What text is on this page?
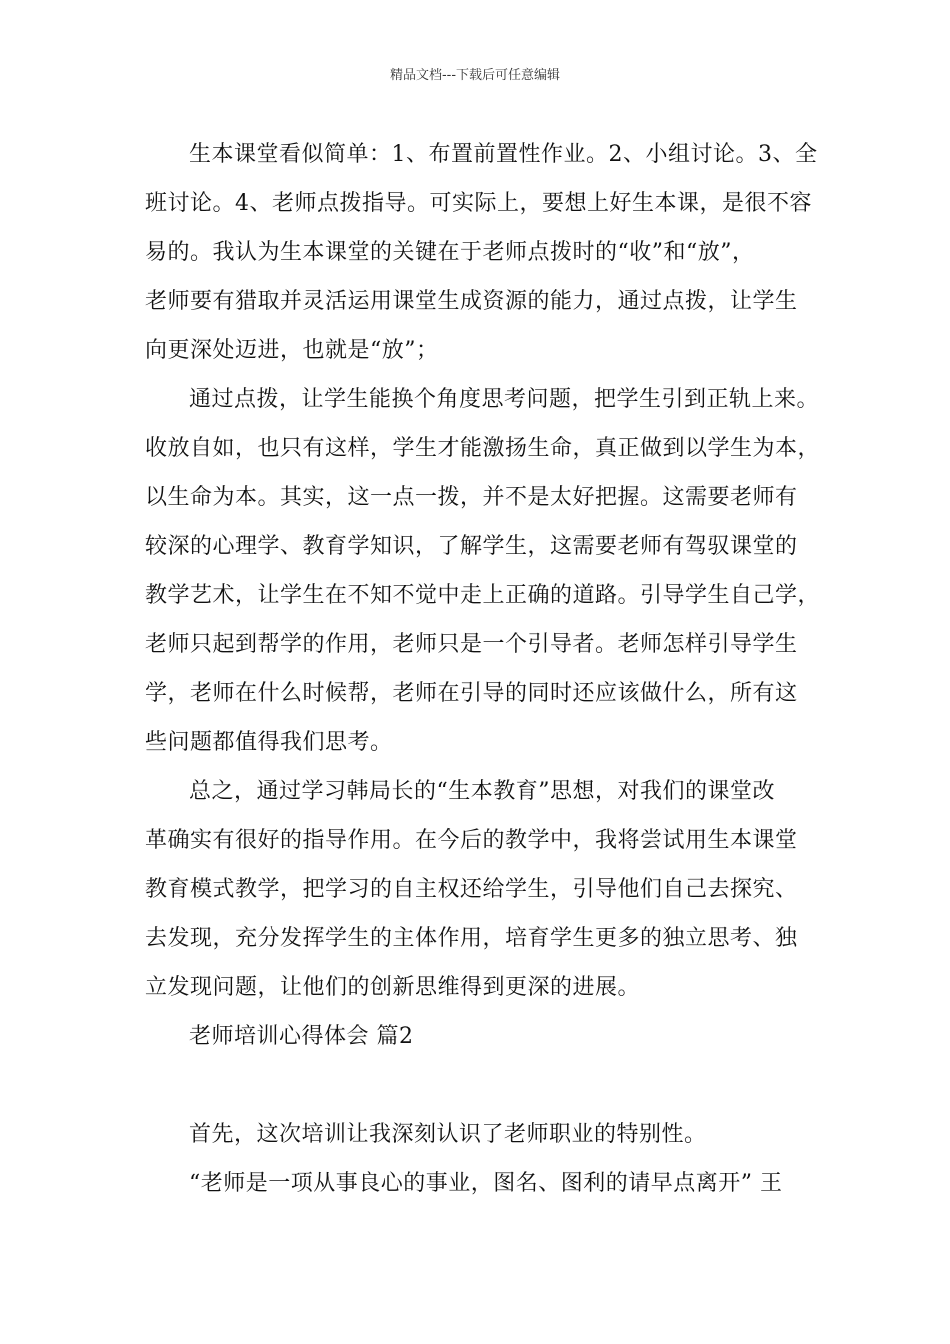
精品文档---下载后可任意编辑
生本课堂看似简单：1、布置前置性作业。2、小组讨论。3、全
班讨论。4、老师点拨指导。可实际上，要想上好生本课，是很不容
易的。我认为生本课堂的关键在于老师点拨时的“收”和“放”，
老师要有猎取并灵活运用课堂生成资源的能力，通过点拨，让学生
向更深处迈进，也就是“放”；
通过点拨，让学生能换个角度思考问题，把学生引到正轨上来。
收放自如，也只有这样，学生才能激扬生命，真正做到以学生为本，
以生命为本。其实，这一点一拨，并不是太好把握。这需要老师有
较深的心理学、教育学知识，了解学生，这需要老师有驾驭课堂的
教学艺术，让学生在不知不觉中走上正确的道路。引导学生自己学，
老师只起到帮学的作用，老师只是一个引导者。老师怎样引导学生
学，老师在什么时候帮，老师在引导的同时还应该做什么，所有这
些问题都值得我们思考。
总之，通过学习韩局长的“生本教育”思想，对我们的课堂改
革确实有很好的指导作用。在今后的教学中，我将尝试用生本课堂
教育模式教学，把学习的自主权还给学生，引导他们自己去探究、
去发现，充分发挥学生的主体作用，培育学生更多的独立思考、独
立发现问题，让他们的创新思维得到更深的进展。
老师培训心得体会 篇2
首先，这次培训让我深刻认识了老师职业的特别性。
“老师是一项从事良心的事业，图名、图利的请早点离开” 王
